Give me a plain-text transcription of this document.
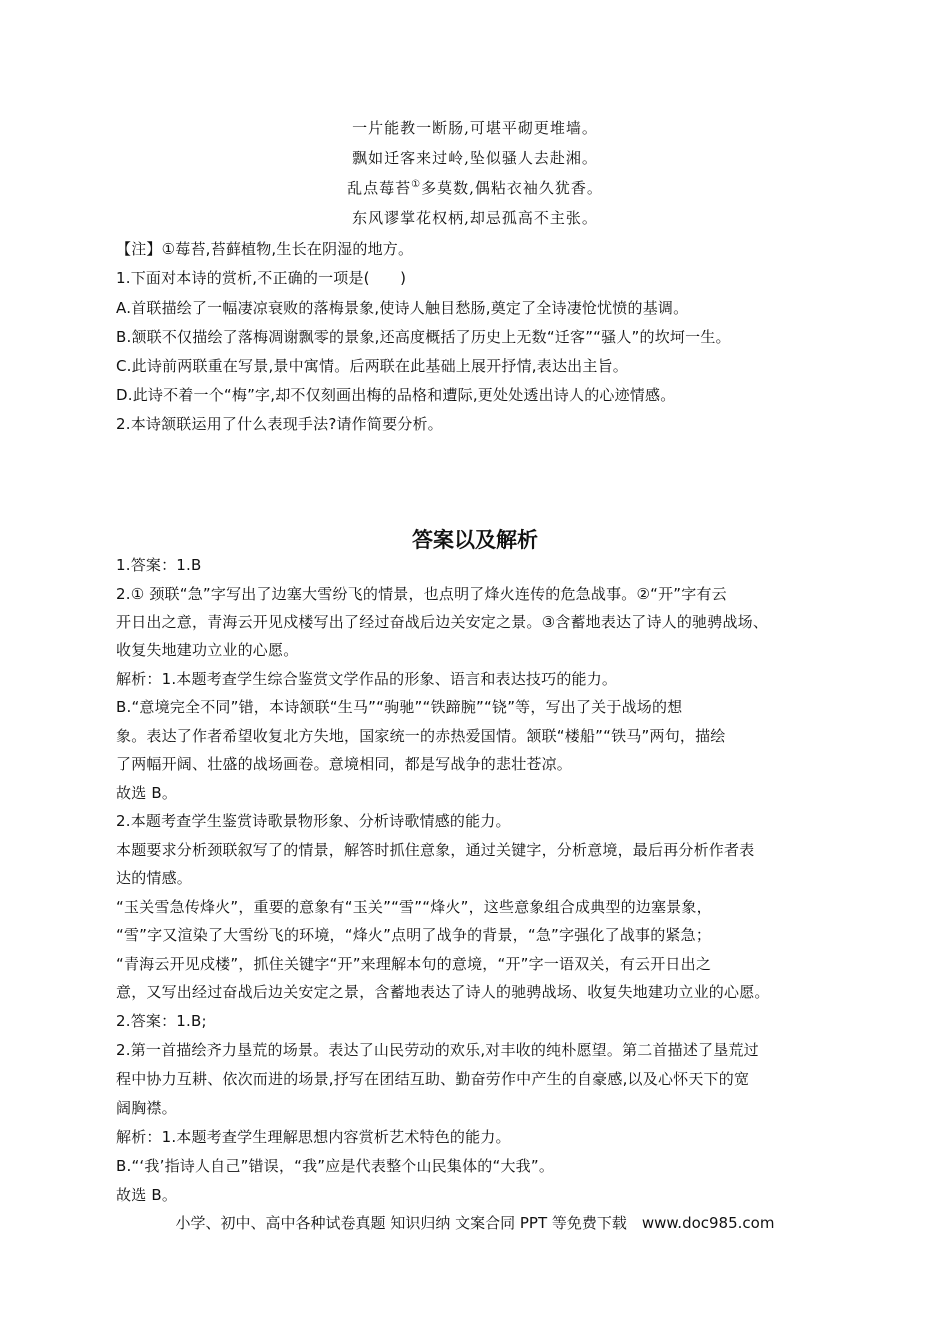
一片能教一断肠,可堪平砌更堆墙。
飘如迁客来过岭,坠似骚人去赴湘。
乱点莓苔①多莫数,偶粘衣袖久犹香。
东风谬掌花权柄,却忌孤高不主张。
【注】①莓苔,苔藓植物,生长在阴湿的地方。
1.下面对本诗的赏析,不正确的一项是(　　)
A.首联描绘了一幅凄凉衰败的落梅景象,使诗人触目愁肠,奠定了全诗凄怆忧愤的基调。
B.颔联不仅描绘了落梅凋谢飘零的景象,还高度概括了历史上无数“迁客”“骚人”的坎坷一生。
C.此诗前两联重在写景,景中寓情。后两联在此基础上展开抒情,表达出主旨。
D.此诗不着一个“梅”字,却不仅刻画出梅的品格和遭际,更处处透出诗人的心迹情感。
2.本诗颔联运用了什么表现手法?请作简要分析。
答案以及解析
1.答案：1.B
2.① 颈联“急”字写出了边塞大雪纷飞的情景，也点明了烽火连传的危急战事。②“开”字有云
开日出之意，青海云开见戍楼写出了经过奋战后边关安定之景。③含蓄地表达了诗人的驰骋战场、
收复失地建功立业的心愿。
解析：1.本题考查学生综合鉴赏文学作品的形象、语言和表达技巧的能力。
B.“意境完全不同”错，本诗颔联“生马”“驹驰”“铁蹄腕”“铙”等，写出了关于战场的想
象。表达了作者希望收复北方失地，国家统一的赤热爱国情。颔联“楼船”“铁马”两句，描绘
了两幅开阔、壮盛的战场画卷。意境相同，都是写战争的悲壮苍凉。
故选 B。
2.本题考查学生鉴赏诗歌景物形象、分析诗歌情感的能力。
本题要求分析颈联叙写了的情景，解答时抓住意象，通过关键字，分析意境，最后再分析作者表
达的情感。
“玉关雪急传烽火”，重要的意象有“玉关”“雪”“烽火”，这些意象组合成典型的边塞景象，
“雪”字又渲染了大雪纷飞的环境，“烽火”点明了战争的背景，“急”字强化了战事的紧急；
“青海云开见戍楼”，抓住关键字“开”来理解本句的意境，“开”字一语双关，有云开日出之
意，又写出经过奋战后边关安定之景，含蓄地表达了诗人的驰骋战场、收复失地建功立业的心愿。
2.答案：1.B;
2.第一首描绘齐力垦荒的场景。表达了山民劳动的欢乐,对丰收的纯朴愿望。第二首描述了垦荒过
程中协力互耕、依次而进的场景,抒写在团结互助、勤奋劳作中产生的自豪感,以及心怀天下的宽
阔胸襟。
解析：1.本题考查学生理解思想内容赏析艺术特色的能力。
B.“‘我’指诗人自己”错误，“我”应是代表整个山民集体的“大我”。
故选 B。
小学、初中、高中各种试卷真题 知识归纳 文案合同 PPT 等免费下载　www.doc985.com
